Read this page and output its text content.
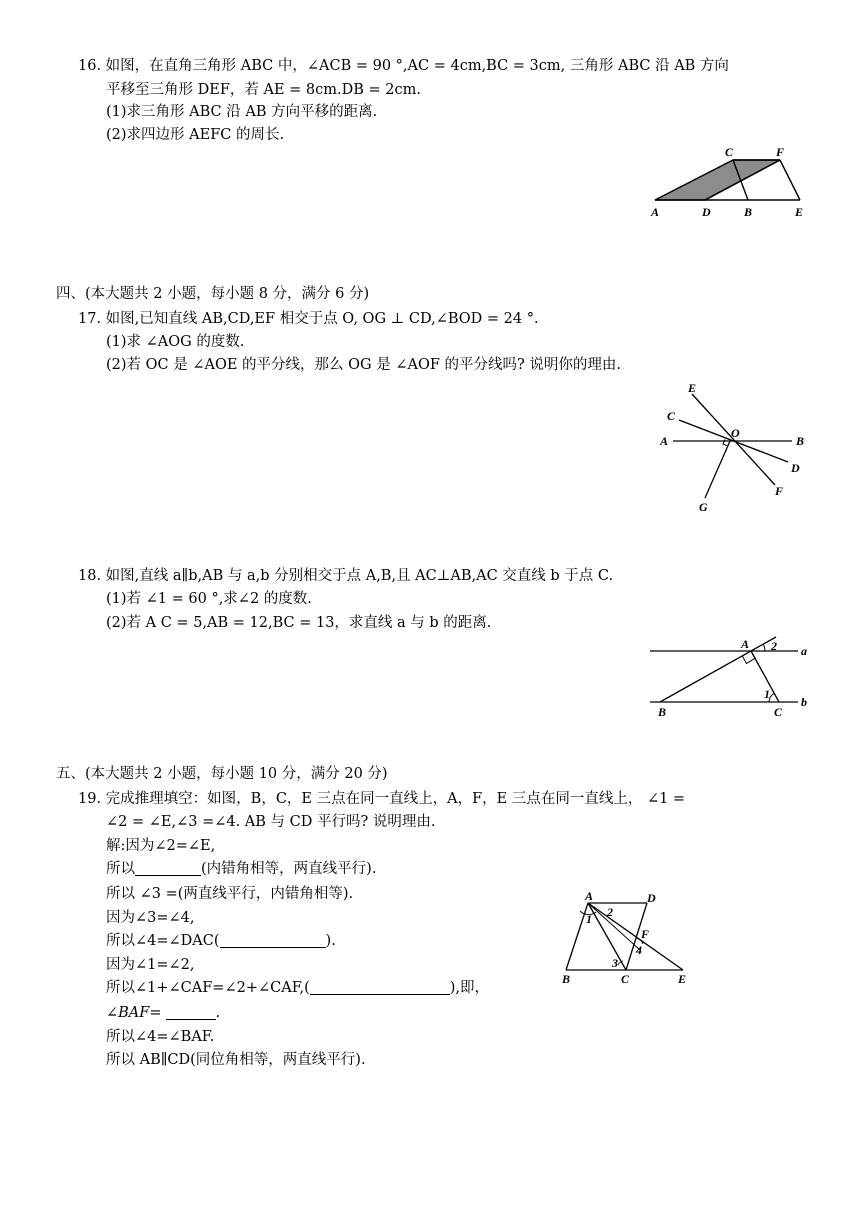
16. 如图，在直角三角形 ABC 中，∠ACB = 90 °,AC = 4cm,BC = 3cm, 三角形 ABC 沿 AB 方向
平移至三角形 DEF，若 AE = 8cm.DB = 2cm.
(1)求三角形 ABC 沿 AB 方向平移的距离.
(2)求四边形 AEFC 的周长.
C	F
A	D	B	E
四、(本大题共 2 小题，每小题 8 分，满分 6 分)
17. 如图,已知直线 AB,CD,EF 相交于点 O, OG ⊥ CD,∠BOD = 24 °.
(1)求 ∠AOG 的度数.
(2)若 OC 是 ∠AOE 的平分线，那么 OG 是 ∠AOF 的平分线吗? 说明你的理由.
E
C
A
O
B
D
F
G
18. 如图,直线 a∥b,AB 与 a,b 分别相交于点 A,B,且 AC⊥AB,AC 交直线 b 于点 C.
(1)若 ∠1 = 60 °,求∠2 的度数.
(2)若 A C = 5,AB = 12,BC = 13，求直线 a 与 b 的距离.
A 2 a
1
b
B	C
五、(本大题共 2 小题，每小题 10 分，满分 20 分)
19. 完成推理填空：如图，B，C，E 三点在同一直线上，A，F，E 三点在同一直线上， ∠1 =
∠2 = ∠E,∠3 =∠4. AB 与 CD 平行吗? 说明理由.
解:因为∠2=∠E,
所以	(内错角相等，两直线平行).
所以 ∠3 =(两直线平行，内错角相等).
因为∠3=∠4,
所以∠4=∠DAC(	).
因为∠1=∠2,
所以∠1+∠CAF=∠2+∠CAF,(	),即，
∠BAF=	.
所以∠4=∠BAF.
所以 AB∥CD(同位角相等，两直线平行).
A	D
2
1
F
4
3
B	C	E
